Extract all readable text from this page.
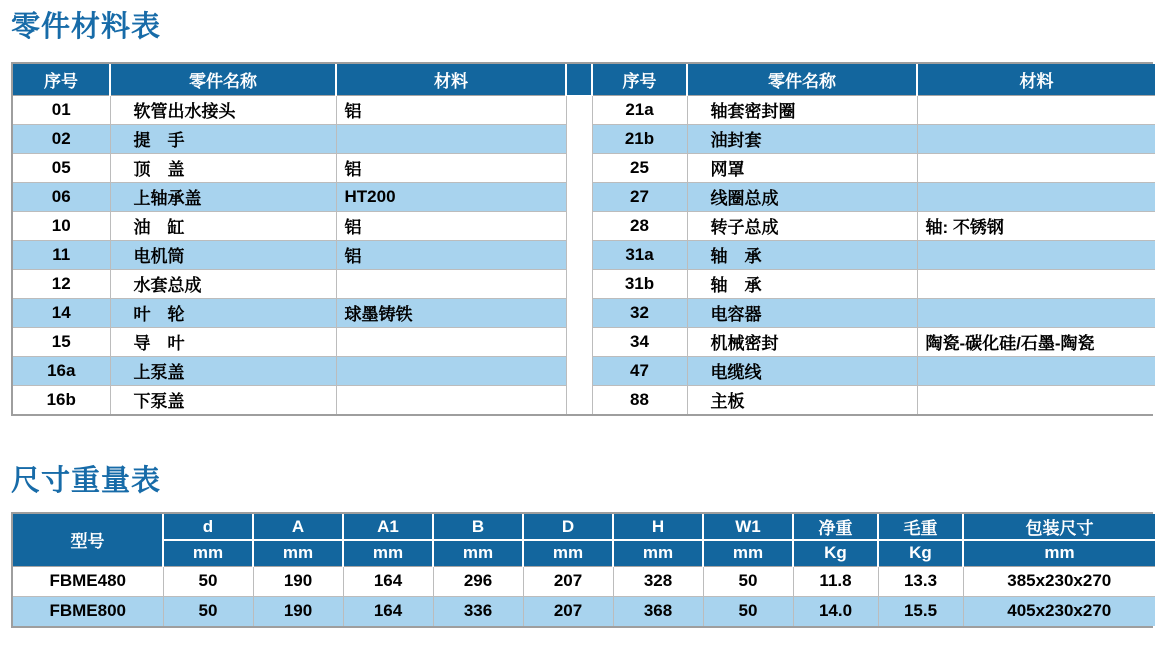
零件材料表
序号	零件名称	材料		序号	零件名称	材料
01	软管出水接头	铝		21a	轴套密封圈	
02	提　手			21b	油封套	
05	顶　盖	铝		25	网罩	
06	上轴承盖	HT200		27	线圈总成	
10	油　缸	铝		28	转子总成	轴: 不锈钢
11	电机筒	铝		31a	轴　承	
12	水套总成			31b	轴　承	
14	叶　轮	球墨铸铁		32	电容器	
15	导　叶			34	机械密封	陶瓷-碳化硅/石墨-陶瓷
16a	上泵盖			47	电缆线	
16b	下泵盖			88	主板	
尺寸重量表
型号	d	A	A1	B	D	H	W1	净重	毛重	包装尺寸
	mm	mm	mm	mm	mm	mm	mm	Kg	Kg	mm
FBME480	50	190	164	296	207	328	50	11.8	13.3	385x230x270
FBME800	50	190	164	336	207	368	50	14.0	15.5	405x230x270
